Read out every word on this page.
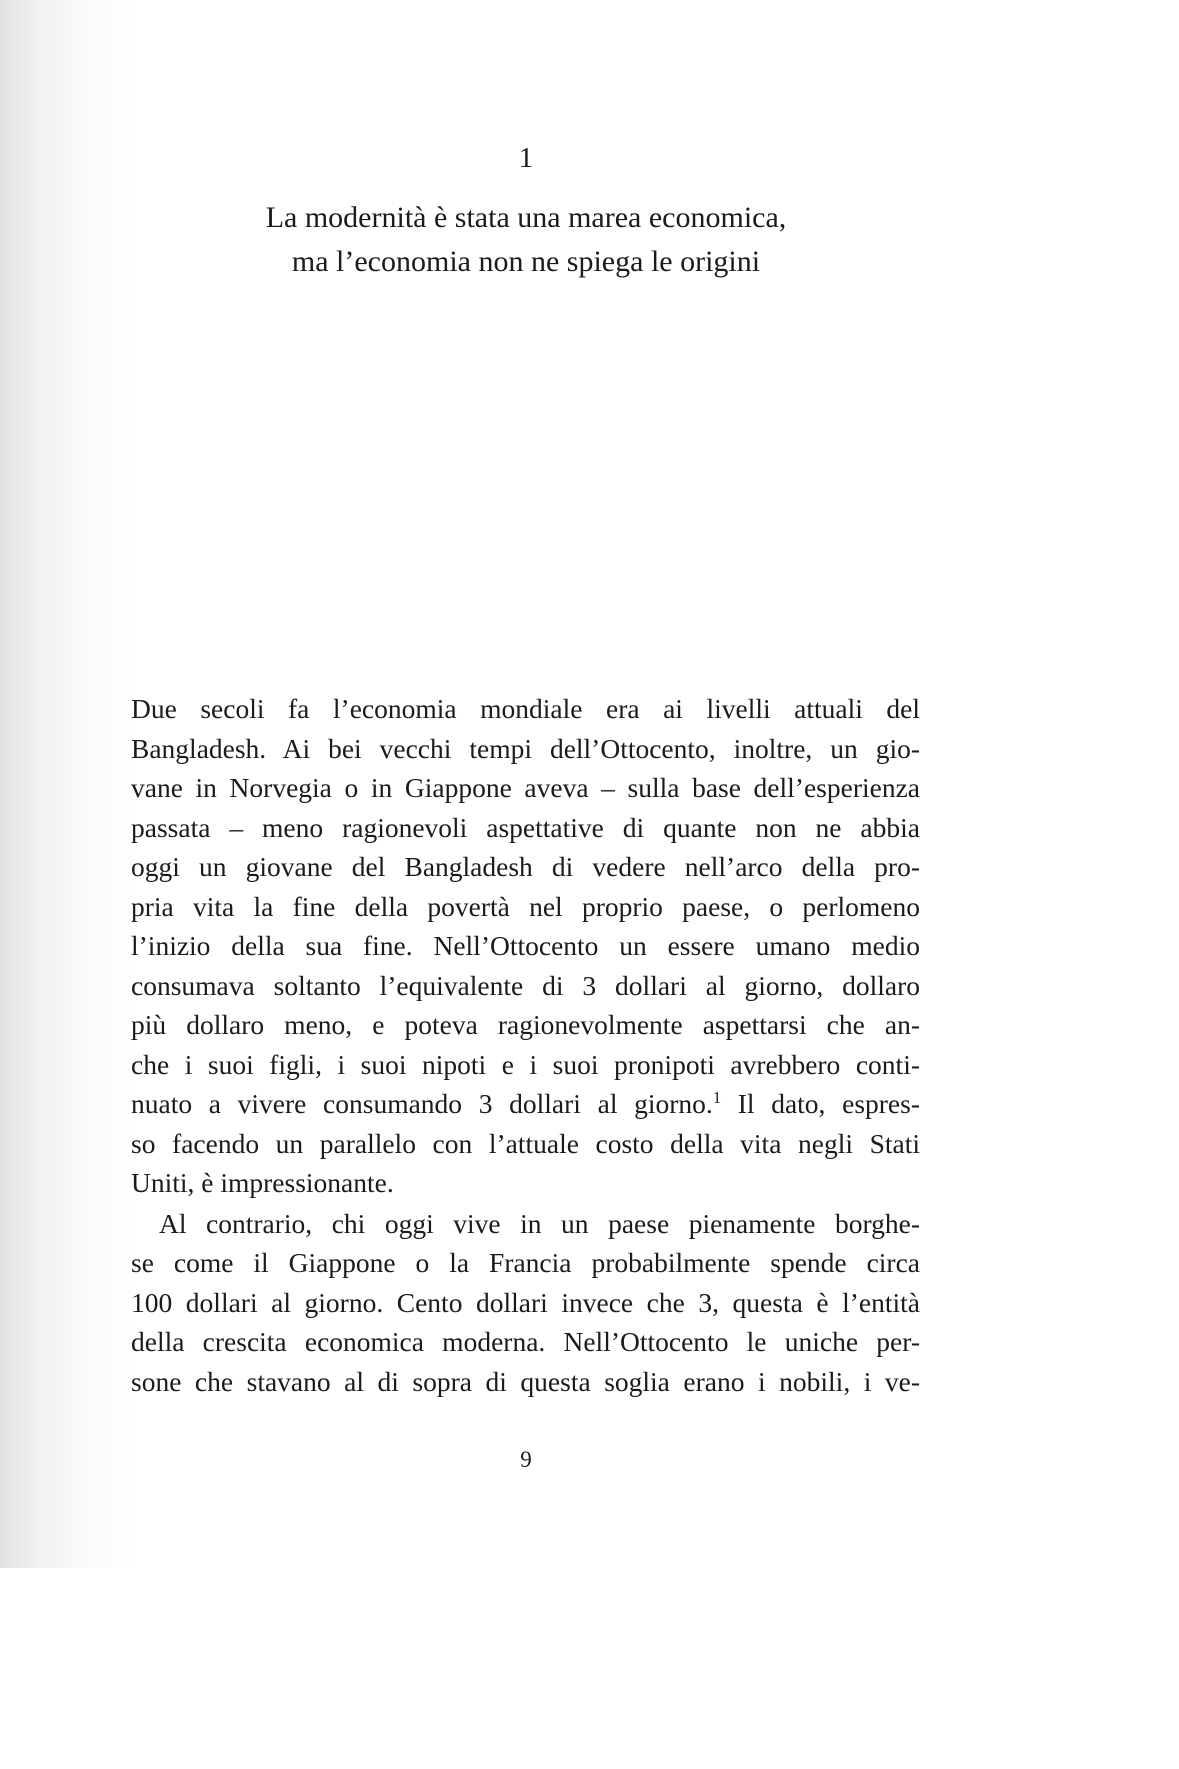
1
La modernità è stata una marea economica,
ma l’economia non ne spiega le origini
Due secoli fa l’economia mondiale era ai livelli attuali del
Bangladesh. Ai bei vecchi tempi dell’Ottocento, inoltre, un gio-
vane in Norvegia o in Giappone aveva – sulla base dell’esperienza
passata – meno ragionevoli aspettative di quante non ne abbia
oggi un giovane del Bangladesh di vedere nell’arco della pro-
pria vita la fine della povertà nel proprio paese, o perlomeno
l’inizio della sua fine. Nell’Ottocento un essere umano medio
consumava soltanto l’equivalente di 3 dollari al giorno, dollaro
più dollaro meno, e poteva ragionevolmente aspettarsi che an-
che i suoi figli, i suoi nipoti e i suoi pronipoti avrebbero conti-
nuato a vivere consumando 3 dollari al giorno.$^1$ Il dato, espres-
so facendo un parallelo con l’attuale costo della vita negli Stati
Uniti, è impressionante.
Al contrario, chi oggi vive in un paese pienamente borghe-
se come il Giappone o la Francia probabilmente spende circa
100 dollari al giorno. Cento dollari invece che 3, questa è l’entità
della crescita economica moderna. Nell’Ottocento le uniche per-
sone che stavano al di sopra di questa soglia erano i nobili, i ve-
9
